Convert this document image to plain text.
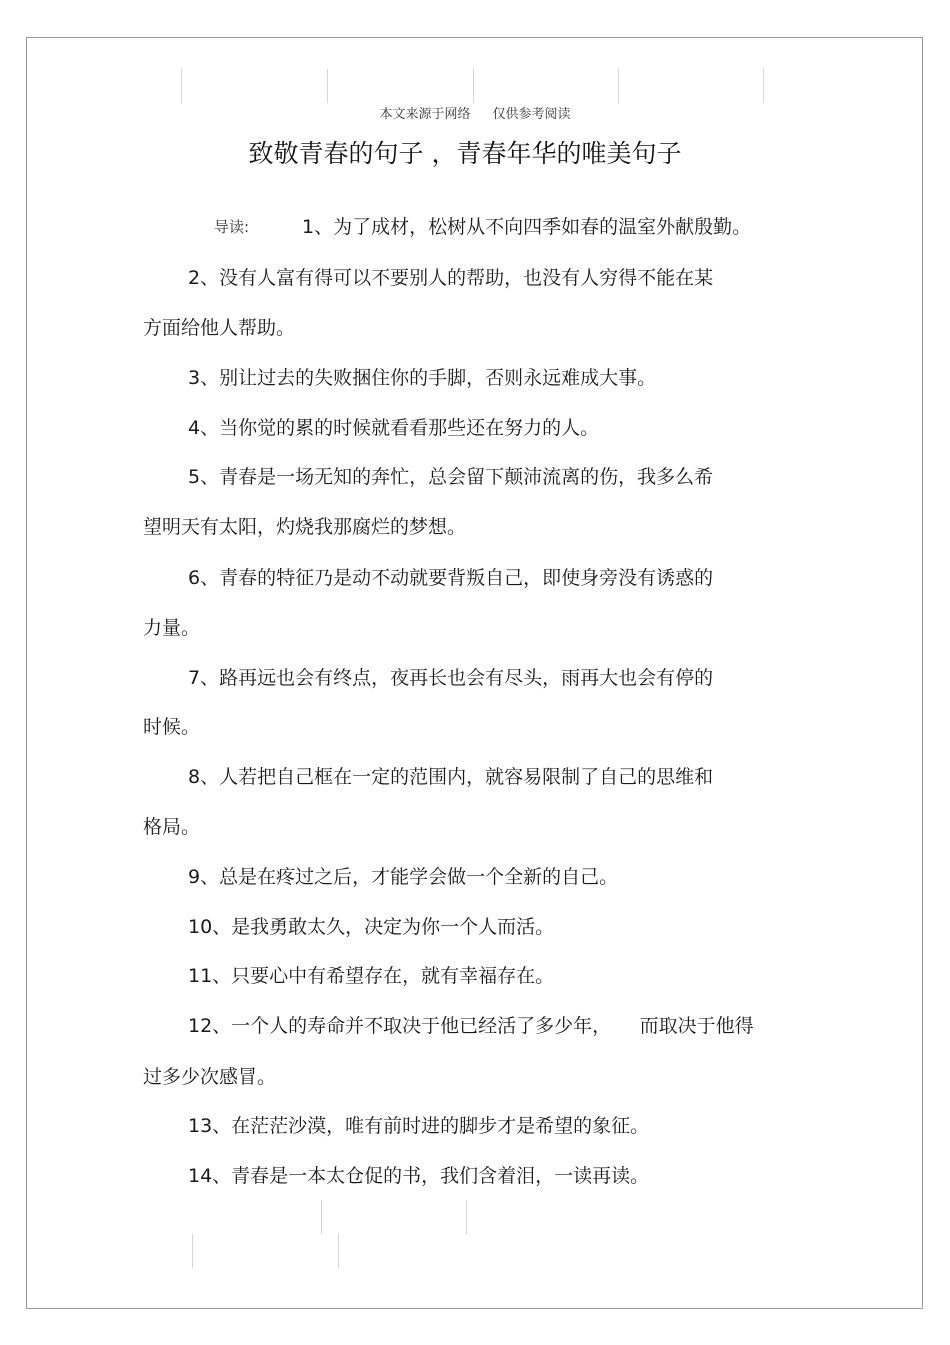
本文来源于网络 仅供参考阅读
致敬青春的句子 ，青春年华的唯美句子
导读:	1、为了成材，松树从不向四季如春的温室外献殷勤。
2、没有人富有得可以不要别人的帮助，也没有人穷得不能在某
方面给他人帮助。
3、别让过去的失败捆住你的手脚，否则永远难成大事。
4、当你觉的累的时候就看看那些还在努力的人。
5、青春是一场无知的奔忙，总会留下颠沛流离的伤，我多么希
望明天有太阳，灼烧我那腐烂的梦想。
6、青春的特征乃是动不动就要背叛自己，即使身旁没有诱惑的
力量。
7、路再远也会有终点，夜再长也会有尽头，雨再大也会有停的
时候。
8、人若把自己框在一定的范围内，就容易限制了自己的思维和
格局。
9、总是在疼过之后，才能学会做一个全新的自己。
10、是我勇敢太久，决定为你一个人而活。
11、只要心中有希望存在，就有幸福存在。
12、一个人的寿命并不取决于他已经活了多少年，　　而取决于他得
过多少次感冒。
13、在茫茫沙漠，唯有前时进的脚步才是希望的象征。
14、青春是一本太仓促的书，我们含着泪，一读再读。
